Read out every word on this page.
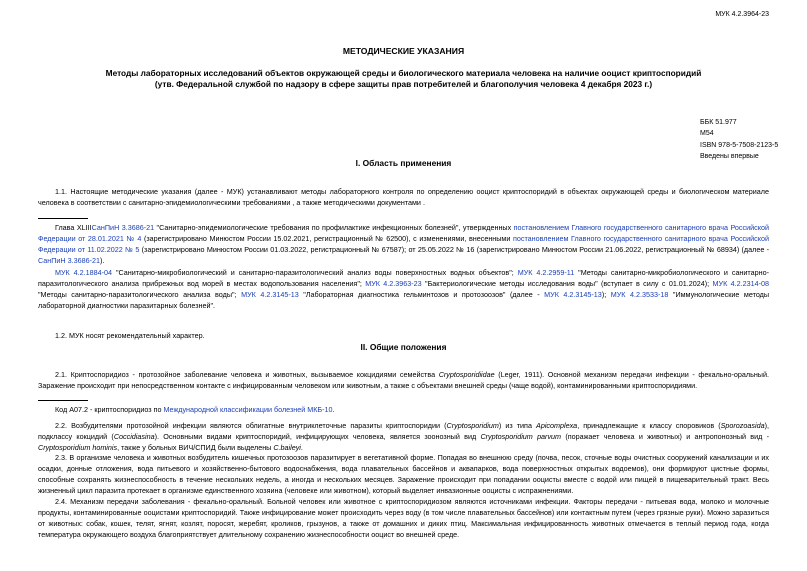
МУК 4.2.3964-23
МЕТОДИЧЕСКИЕ УКАЗАНИЯ
Методы лабораторных исследований объектов окружающей среды и биологического материала человека на наличие ооцист криптоспоридий
(утв. Федеральной службой по надзору в сфере защиты прав потребителей и благополучия человека 4 декабря 2023 г.)
ББК 51.977
М54
ISBN 978-5-7508-2123-5
Введены впервые
I. Область применения
1.1. Настоящие методические указания (далее - МУК) устанавливают методы лабораторного контроля по определению ооцист криптоспоридий в объектах окружающей среды и биологическом материале человека в соответствии с санитарно-эпидемиологическими требованиями , а также методическими документами .
Глава XLIIIСанПиН 3.3686-21 "Санитарно-эпидемиологические требования по профилактике инфекционных болезней", утвержденных постановлением Главного государственного санитарного врача Российской Федерации от 28.01.2021 № 4 (зарегистрировано Минюстом России 15.02.2021, регистрационный № 62500), с изменениями, внесенными постановлением Главного государственного санитарного врача Российской Федерации от 11.02.2022 № 5 (зарегистрировано Минюстом России 01.03.2022, регистрационный № 67587); от 25.05.2022 № 16 (зарегистрировано Минюстом России 21.06.2022, регистрационный № 68934) (далее - СанПиН 3.3686-21).
МУК 4.2.1884-04 "Санитарно-микробиологический и санитарно-паразитологический анализ воды поверхностных водных объектов"; МУК 4.2.2959-11 "Методы санитарно-микробиологического и санитарно-паразитологического анализа прибрежных вод морей в местах водопользования населения"; МУК 4.2.3963-23 "Бактериологические методы исследования воды" (вступает в силу с 01.01.2024); МУК 4.2.2314-08 "Методы санитарно-паразитологического анализа воды"; МУК 4.2.3145-13 "Лабораторная диагностика гельминтозов и протозоозов" (далее - МУК 4.2.3145-13); МУК 4.2.3533-18 "Иммунологические методы лабораторной диагностики паразитарных болезней".
1.2. МУК носят рекомендательный характер.
II. Общие положения
2.1. Криптоспоридиоз - протозойное заболевание человека и животных, вызываемое кокцидиями семейства Cryptosporidiidae (Leger, 1911). Основной механизм передачи инфекции - фекально-оральный. Заражение происходит при непосредственном контакте с инфицированным человеком или животным, а также с объектами внешней среды (чаще водой), контаминированными криптоспоридиями.
Код А07.2 - криптоспоридиоз по Международной классификации болезней МКБ-10.
2.2. Возбудителями протозойной инфекции являются облигатные внутриклеточные паразиты криптоспоридии (Cryptosporidium) из типа Apicomplexa, принадлежащие к классу споровиков (Sporozoasida), подклассу кокцидий (Coccidiasina). Основными видами криптоспоридий, инфицирующих человека, является зоонозный вид Cryptosporidium parvum (поражает человека и животных) и антропонозный вид - Cryptosporidium hominis, также у больных ВИЧ/СПИД были выделены C.baileyi.
2.3. В организме человека и животных возбудитель кишечных протозоозов паразитирует в вегетативной форме. Попадая во внешнюю среду (почва, песок, сточные воды очистных сооружений канализации и их осадки, донные отложения, вода питьевого и хозяйственно-бытового водоснабжения, вода плавательных бассейнов и аквапарков, вода поверхностных открытых водоемов), они формируют цистные формы, способные сохранять жизнеспособность в течение нескольких недель, а иногда и нескольких месяцев. Заражение происходит при попадании ооцисты вместе с водой или пищей в пищеварительный тракт. Весь жизненный цикл паразита протекает в организме единственного хозяина (человеке или животном), который выделяет инвазионные ооцисты с испражнениями.
2.4. Механизм передачи заболевания - фекально-оральный. Больной человек или животное с криптоспоридиозом являются источниками инфекции. Факторы передачи - питьевая вода, молоко и молочные продукты, контаминированные ооцистами криптоспоридий. Также инфицирование может происходить через воду (в том числе плавательных бассейнов) или контактным путем (через грязные руки). Можно заразиться от животных: собак, кошек, телят, ягнят, козлят, поросят, жеребят, кроликов, грызунов, а также от домашних и диких птиц. Максимальная инфицированность животных отмечается в теплый период года, когда температура окружающего воздуха благоприятствует длительному сохранению жизнеспособности ооцист во внешней среде.
